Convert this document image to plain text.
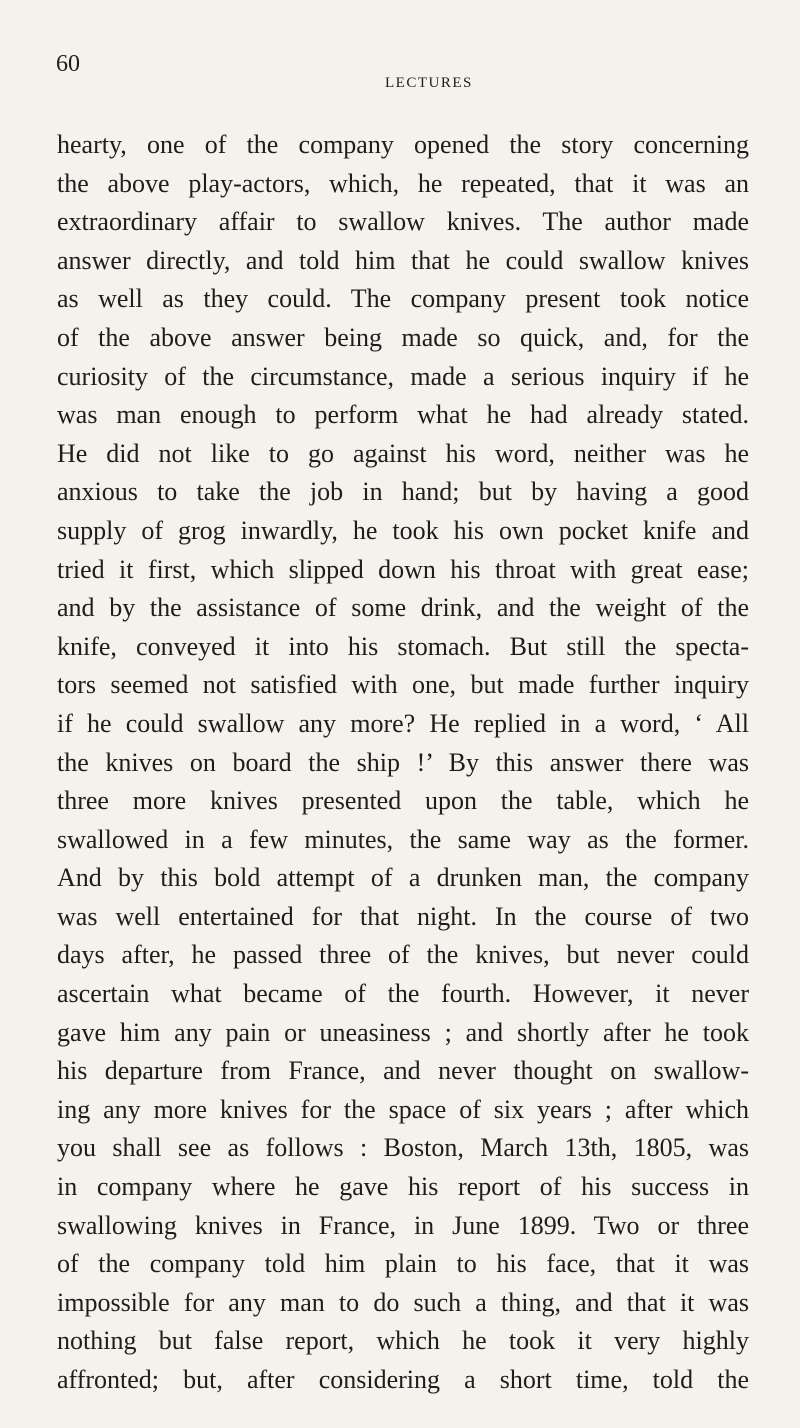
60
LECTURES
hearty, one of the company opened the story concerning
the above play-actors, which, he repeated, that it was an
extraordinary affair to swallow knives. The author made
answer directly, and told him that he could swallow knives
as well as they could. The company present took notice
of the above answer being made so quick, and, for the
curiosity of the circumstance, made a serious inquiry if he
was man enough to perform what he had already stated.
He did not like to go against his word, neither was he
anxious to take the job in hand; but by having a good
supply of grog inwardly, he took his own pocket knife and
tried it first, which slipped down his throat with great ease;
and by the assistance of some drink, and the weight of the
knife, conveyed it into his stomach. But still the specta-
tors seemed not satisfied with one, but made further inquiry
if he could swallow any more? He replied in a word, ‘ All
the knives on board the ship !’ By this answer there was
three more knives presented upon the table, which he
swallowed in a few minutes, the same way as the former.
And by this bold attempt of a drunken man, the company
was well entertained for that night. In the course of two
days after, he passed three of the knives, but never could
ascertain what became of the fourth. However, it never
gave him any pain or uneasiness ; and shortly after he took
his departure from France, and never thought on swallow-
ing any more knives for the space of six years ; after which
you shall see as follows : Boston, March 13th, 1805, was
in company where he gave his report of his success in
swallowing knives in France, in June 1899. Two or three
of the company told him plain to his face, that it was
impossible for any man to do such a thing, and that it was
nothing but false report, which he took it very highly
affronted; but, after considering a short time, told the
